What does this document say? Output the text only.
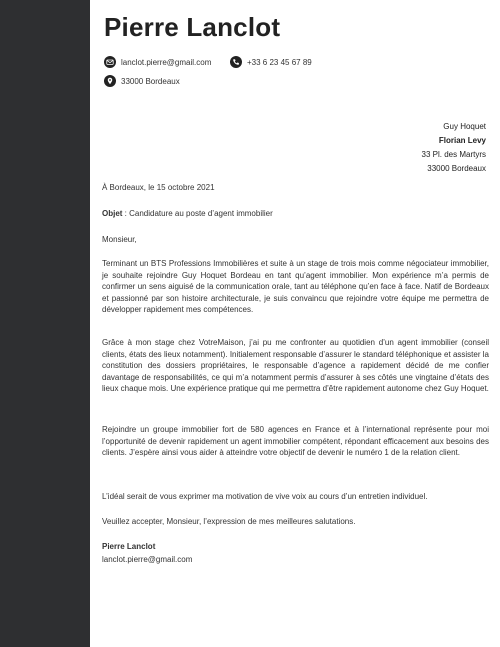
Pierre Lanclot
lanclot.pierre@gmail.com	+33 6 23 45 67 89
33000 Bordeaux
Guy Hoquet
Florian Levy
33 Pl. des Martyrs
33000 Bordeaux

À Bordeaux, le 15 octobre 2021

Objet : Candidature au poste d’agent immobilier

Monsieur,

Terminant un BTS Professions Immobilières et suite à un stage de trois mois comme négociateur immobilier, je souhaite rejoindre Guy Hoquet Bordeau en tant qu’agent immobilier. Mon expérience m’a permis de confirmer un sens aiguisé de la communication orale, tant au téléphone qu’en face à face. Natif de Bordeaux et passionné par son histoire architecturale, je suis convaincu que rejoindre votre équipe me permettra de développer rapidement mes compétences.

Grâce à mon stage chez VotreMaison, j’ai pu me confronter au quotidien d’un agent immobilier (conseil clients, états des lieux notamment). Initialement responsable d’assurer le standard téléphonique et assister la constitution des dossiers propriétaires, le responsable d’agence a rapidement décidé de me confier davantage de responsabilités, ce qui m’a notamment permis d’assurer à ses côtés une vingtaine d’états des lieux chaque mois. Une expérience pratique qui me permettra d’être rapidement autonome chez Guy Hoquet.

Rejoindre un groupe immobilier fort de 580 agences en France et à l’international représente pour moi l’opportunité de devenir rapidement un agent immobilier compétent, répondant efficacement aux besoins des clients. J’espère ainsi vous aider à atteindre votre objectif de devenir le numéro 1 de la relation client.

L’idéal serait de vous exprimer ma motivation de vive voix au cours d’un entretien individuel.

Veuillez accepter, Monsieur, l’expression de mes meilleures salutations.

Pierre Lanclot

lanclot.pierre@gmail.com
